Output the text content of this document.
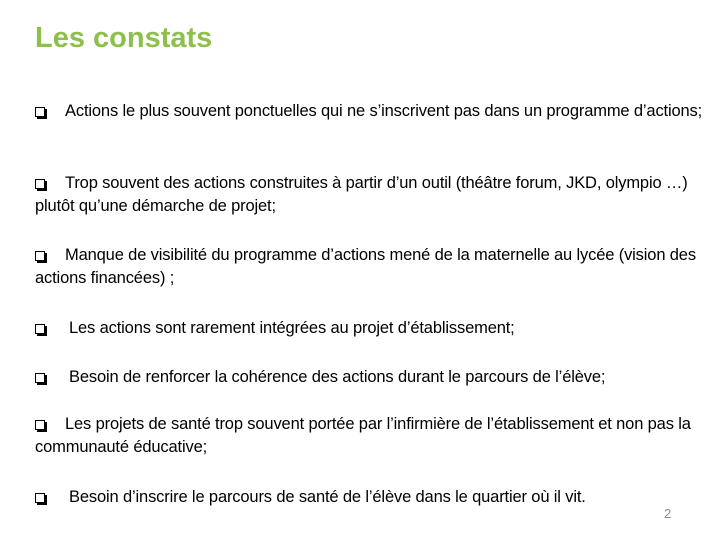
Les constats
Actions le plus souvent ponctuelles qui ne s’inscrivent pas dans un programme d’actions;
Trop souvent des actions construites à partir d’un outil (théâtre forum, JKD, olympio …) plutôt qu’une démarche de projet;
Manque de visibilité du programme d’actions mené de la maternelle au lycée (vision des actions financées) ;
Les actions sont rarement intégrées au projet d’établissement;
Besoin de renforcer la cohérence des actions durant le parcours de l’élève;
Les projets de santé trop souvent portée par l’infirmière de l’établissement et non pas la communauté éducative;
Besoin d’inscrire le parcours de santé de l’élève dans le quartier où il vit.
2
